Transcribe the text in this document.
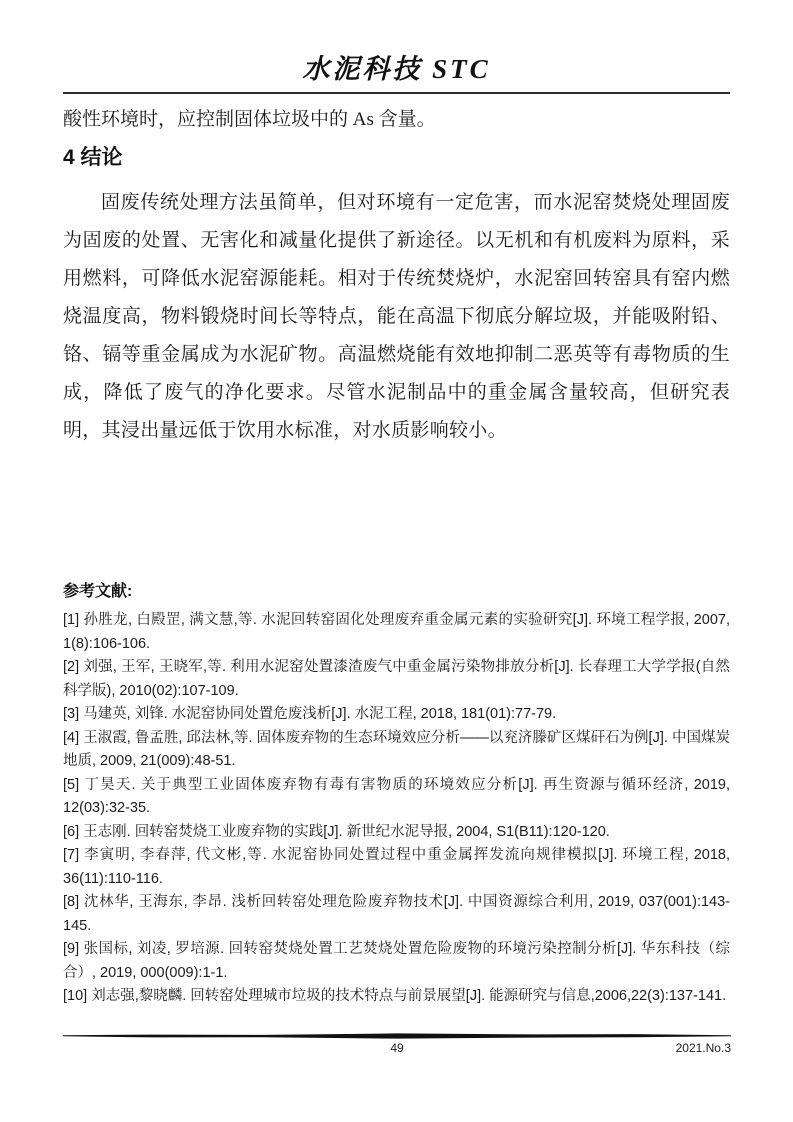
水泥科技 STC

酸性环境时，应控制固体垃圾中的 As 含量。

4 结论

固废传统处理方法虽简单，但对环境有一定危害，而水泥窑焚烧处理固废为固废的处置、无害化和减量化提供了新途径。以无机和有机废料为原料，采用燃料，可降低水泥窑源能耗。相对于传统焚烧炉，水泥窑回转窑具有窑内燃烧温度高，物料锻烧时间长等特点，能在高温下彻底分解垃圾，并能吸附铅、铬、镉等重金属成为水泥矿物。高温燃烧能有效地抑制二恶英等有毒物质的生成，降低了废气的净化要求。尽管水泥制品中的重金属含量较高，但研究表明，其浸出量远低于饮用水标准，对水质影响较小。

参考文献:

[1] 孙胜龙, 白殿罡, 满文慧,等. 水泥回转窑固化处理废弃重金属元素的实验研究[J]. 环境工程学报, 2007, 1(8):106-106.

[2] 刘强, 王军, 王晓军,等. 利用水泥窑处置漆渣废气中重金属污染物排放分析[J]. 长春理工大学学报(自然科学版), 2010(02):107-109.

[3] 马建英, 刘锋. 水泥窑协同处置危废浅析[J]. 水泥工程, 2018, 181(01):77-79.

[4] 王淑霞, 鲁孟胜, 邱法林,等. 固体废弃物的生态环境效应分析——以兖济滕矿区煤矸石为例[J]. 中国煤炭地质, 2009, 21(009):48-51.

[5] 丁昊天. 关于典型工业固体废弃物有毒有害物质的环境效应分析[J]. 再生资源与循环经济, 2019, 12(03):32-35.

[6] 王志刚. 回转窑焚烧工业废弃物的实践[J]. 新世纪水泥导报, 2004, S1(B11):120-120.

[7] 李寅明, 李春萍, 代文彬,等. 水泥窑协同处置过程中重金属挥发流向规律模拟[J]. 环境工程, 2018, 36(11):110-116.

[8] 沈林华, 王海东, 李昂. 浅析回转窑处理危险废弃物技术[J]. 中国资源综合利用, 2019, 037(001):143-145.

[9] 张国标, 刘凌, 罗培源. 回转窑焚烧处置工艺焚烧处置危险废物的环境污染控制分析[J]. 华东科技（综合）, 2019, 000(009):1-1.

[10] 刘志强,黎晓麟. 回转窑处理城市垃圾的技术特点与前景展望[J]. 能源研究与信息,2006,22(3):137-141.

49	2021.No.3
